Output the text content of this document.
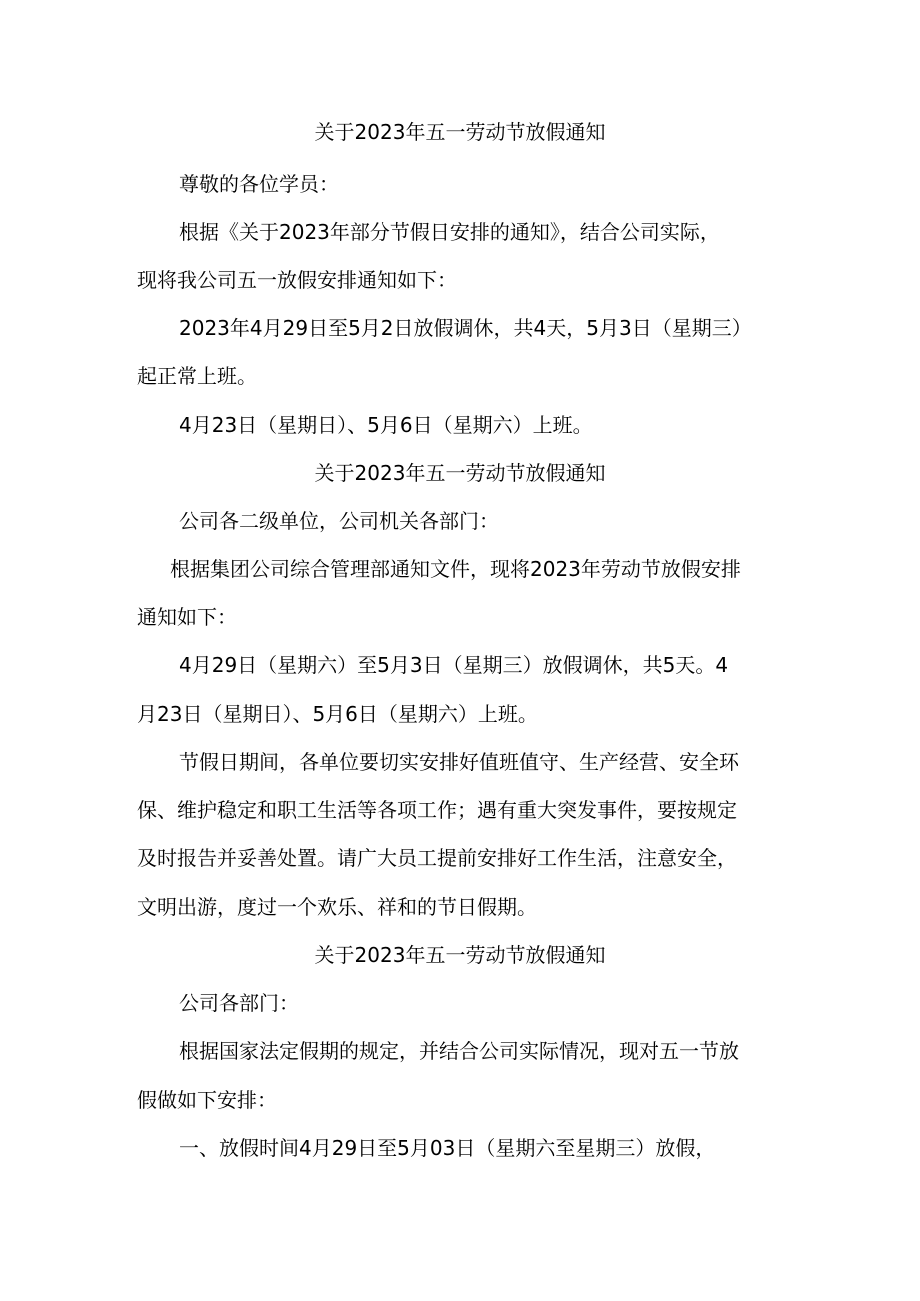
关于2023年五一劳动节放假通知

尊敬的各位学员：

根据《关于2023年部分节假日安排的通知》，结合公司实际，

现将我公司五一放假安排通知如下：

2023年4月29日至5月2日放假调休，共4天，5月3日（星期三）

起正常上班。

4月23日（星期日）、5月6日（星期六）上班。

关于2023年五一劳动节放假通知

公司各二级单位，公司机关各部门：

根据集团公司综合管理部通知文件，现将2023年劳动节放假安排

通知如下：

4月29日（星期六）至5月3日（星期三）放假调休，共5天。4

月23日（星期日）、5月6日（星期六）上班。

节假日期间，各单位要切实安排好值班值守、生产经营、安全环

保、维护稳定和职工生活等各项工作；遇有重大突发事件，要按规定

及时报告并妥善处置。请广大员工提前安排好工作生活，注意安全，

文明出游，度过一个欢乐、祥和的节日假期。

关于2023年五一劳动节放假通知

公司各部门：

根据国家法定假期的规定，并结合公司实际情况，现对五一节放

假做如下安排：

一、放假时间4月29日至5月03日（星期六至星期三）放假，
